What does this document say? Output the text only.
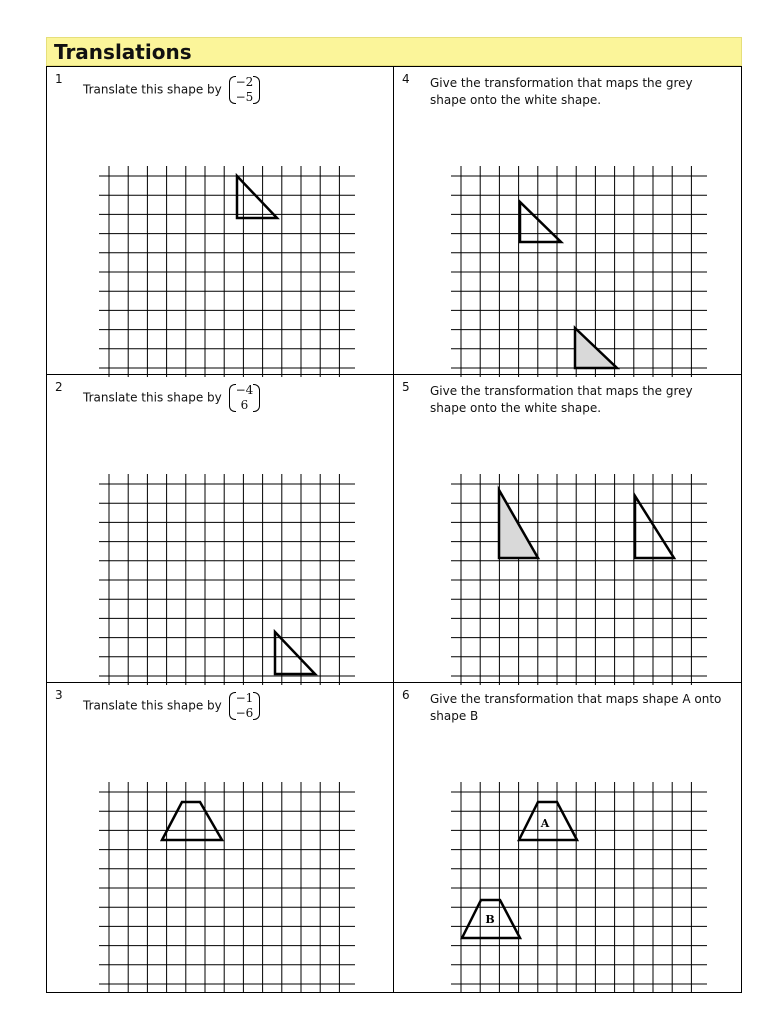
Translations
1
Translate this shape by
−2
−5
4 Give the transformation that maps the grey shape onto the white shape.
2
Translate this shape by
−4
6
5 Give the transformation that maps the grey shape onto the white shape.
3
Translate this shape by
−1
−6
6 Give the transformation that maps shape A onto shape B
A
B
